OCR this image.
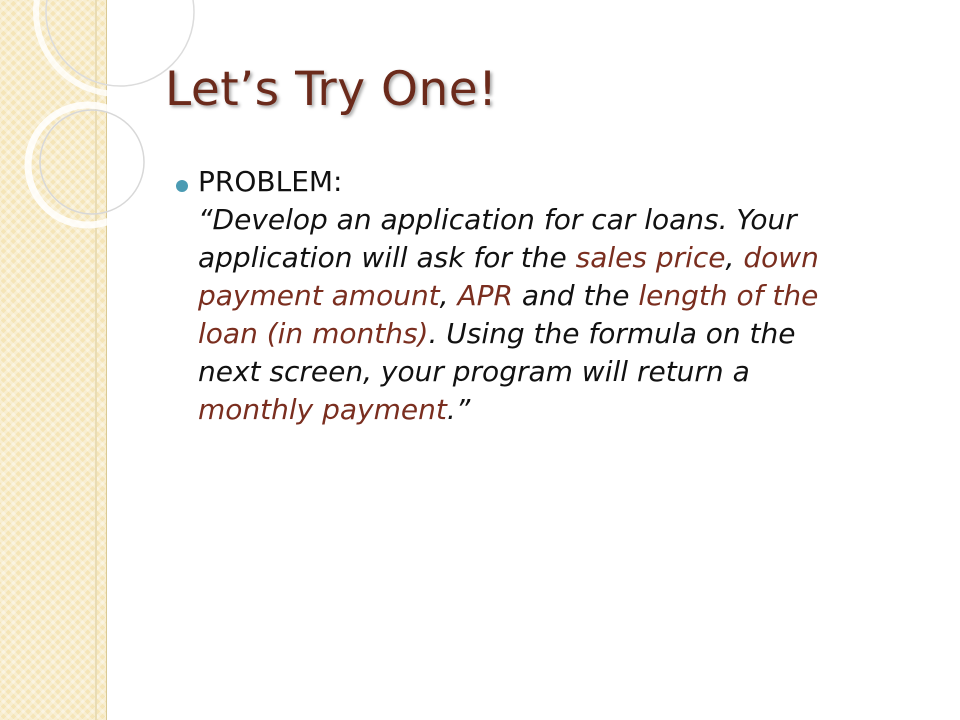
Let’s Try One!
PROBLEM:
“Develop an application for car loans. Your
application will ask for the sales price, down
payment amount, APR and the length of the
loan (in months). Using the formula on the
next screen, your program will return a
monthly payment.”
